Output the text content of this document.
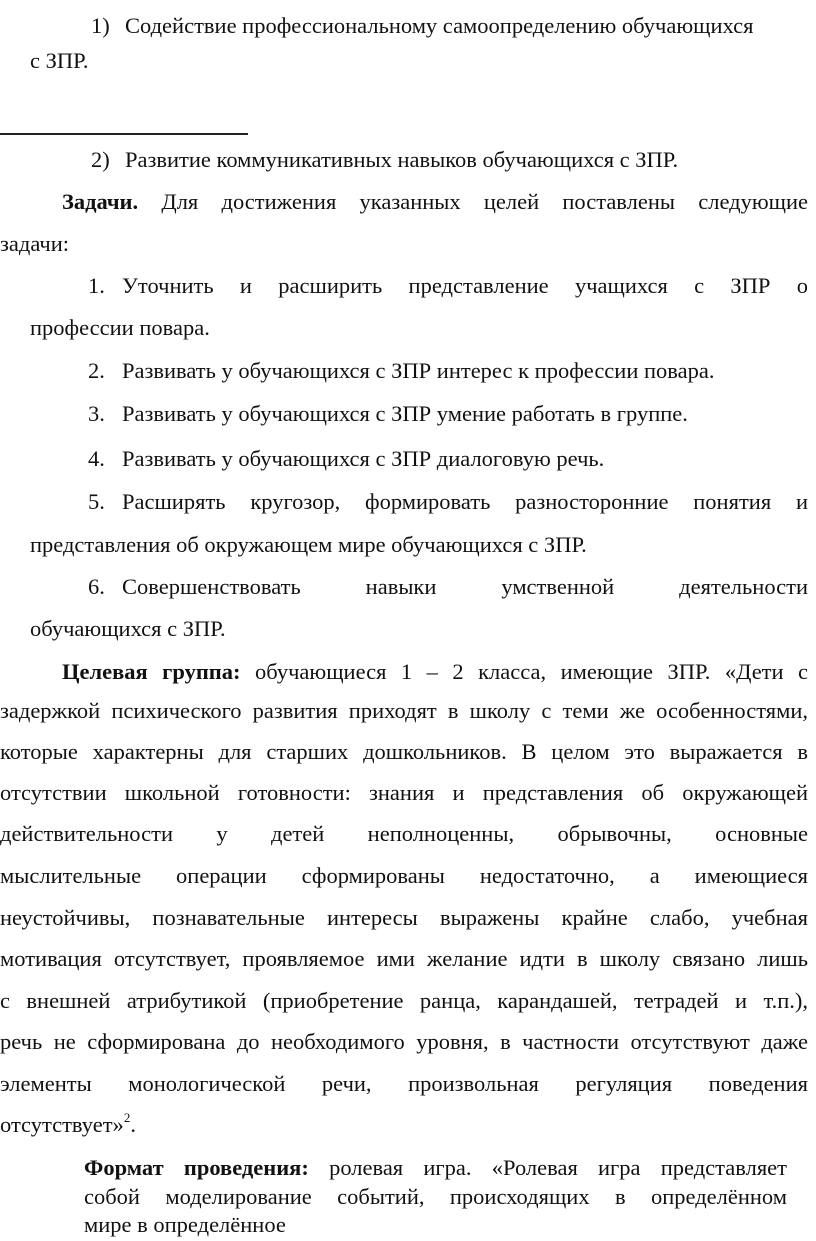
1) Содействие профессиональному самоопределению обучающихся

с ЗПР.

2) Развитие коммуникативных навыков обучающихся с ЗПР.

Задачи. Для достижения указанных целей поставлены следующие

задачи:

1. Уточнить и расширить представление учащихся с ЗПР о

профессии повара.

2. Развивать у обучающихся с ЗПР интерес к профессии повара.

3. Развивать у обучающихся с ЗПР умение работать в группе.

4. Развивать у обучающихся с ЗПР диалоговую речь.

5. Расширять кругозор, формировать разносторонние понятия и

представления об окружающем мире обучающихся с ЗПР.

6. Совершенствовать навыки умственной деятельности

обучающихся с ЗПР.

Целевая группа: обучающиеся 1 – 2 класса, имеющие ЗПР. «Дети с

задержкой психического развития приходят в школу с теми же особенностями,

которые характерны для старших дошкольников. В целом это выражается в

отсутствии школьной готовности: знания и представления об окружающей

действительности у детей неполноценны, обрывочны, основные

мыслительные операции сформированы недостаточно, а имеющиеся

неустойчивы, познавательные интересы выражены крайне слабо, учебная

мотивация отсутствует, проявляемое ими желание идти в школу связано лишь

с внешней атрибутикой (приобретение ранца, карандашей, тетрадей и т.п.),

речь не сформирована до необходимого уровня, в частности отсутствуют даже

элементы монологической речи, произвольная регуляция поведения

отсутствует»$^2$.

Формат проведения: ролевая игра. «Ролевая игра представляет

собой моделирование событий, происходящих в определённом

мире в определённое
